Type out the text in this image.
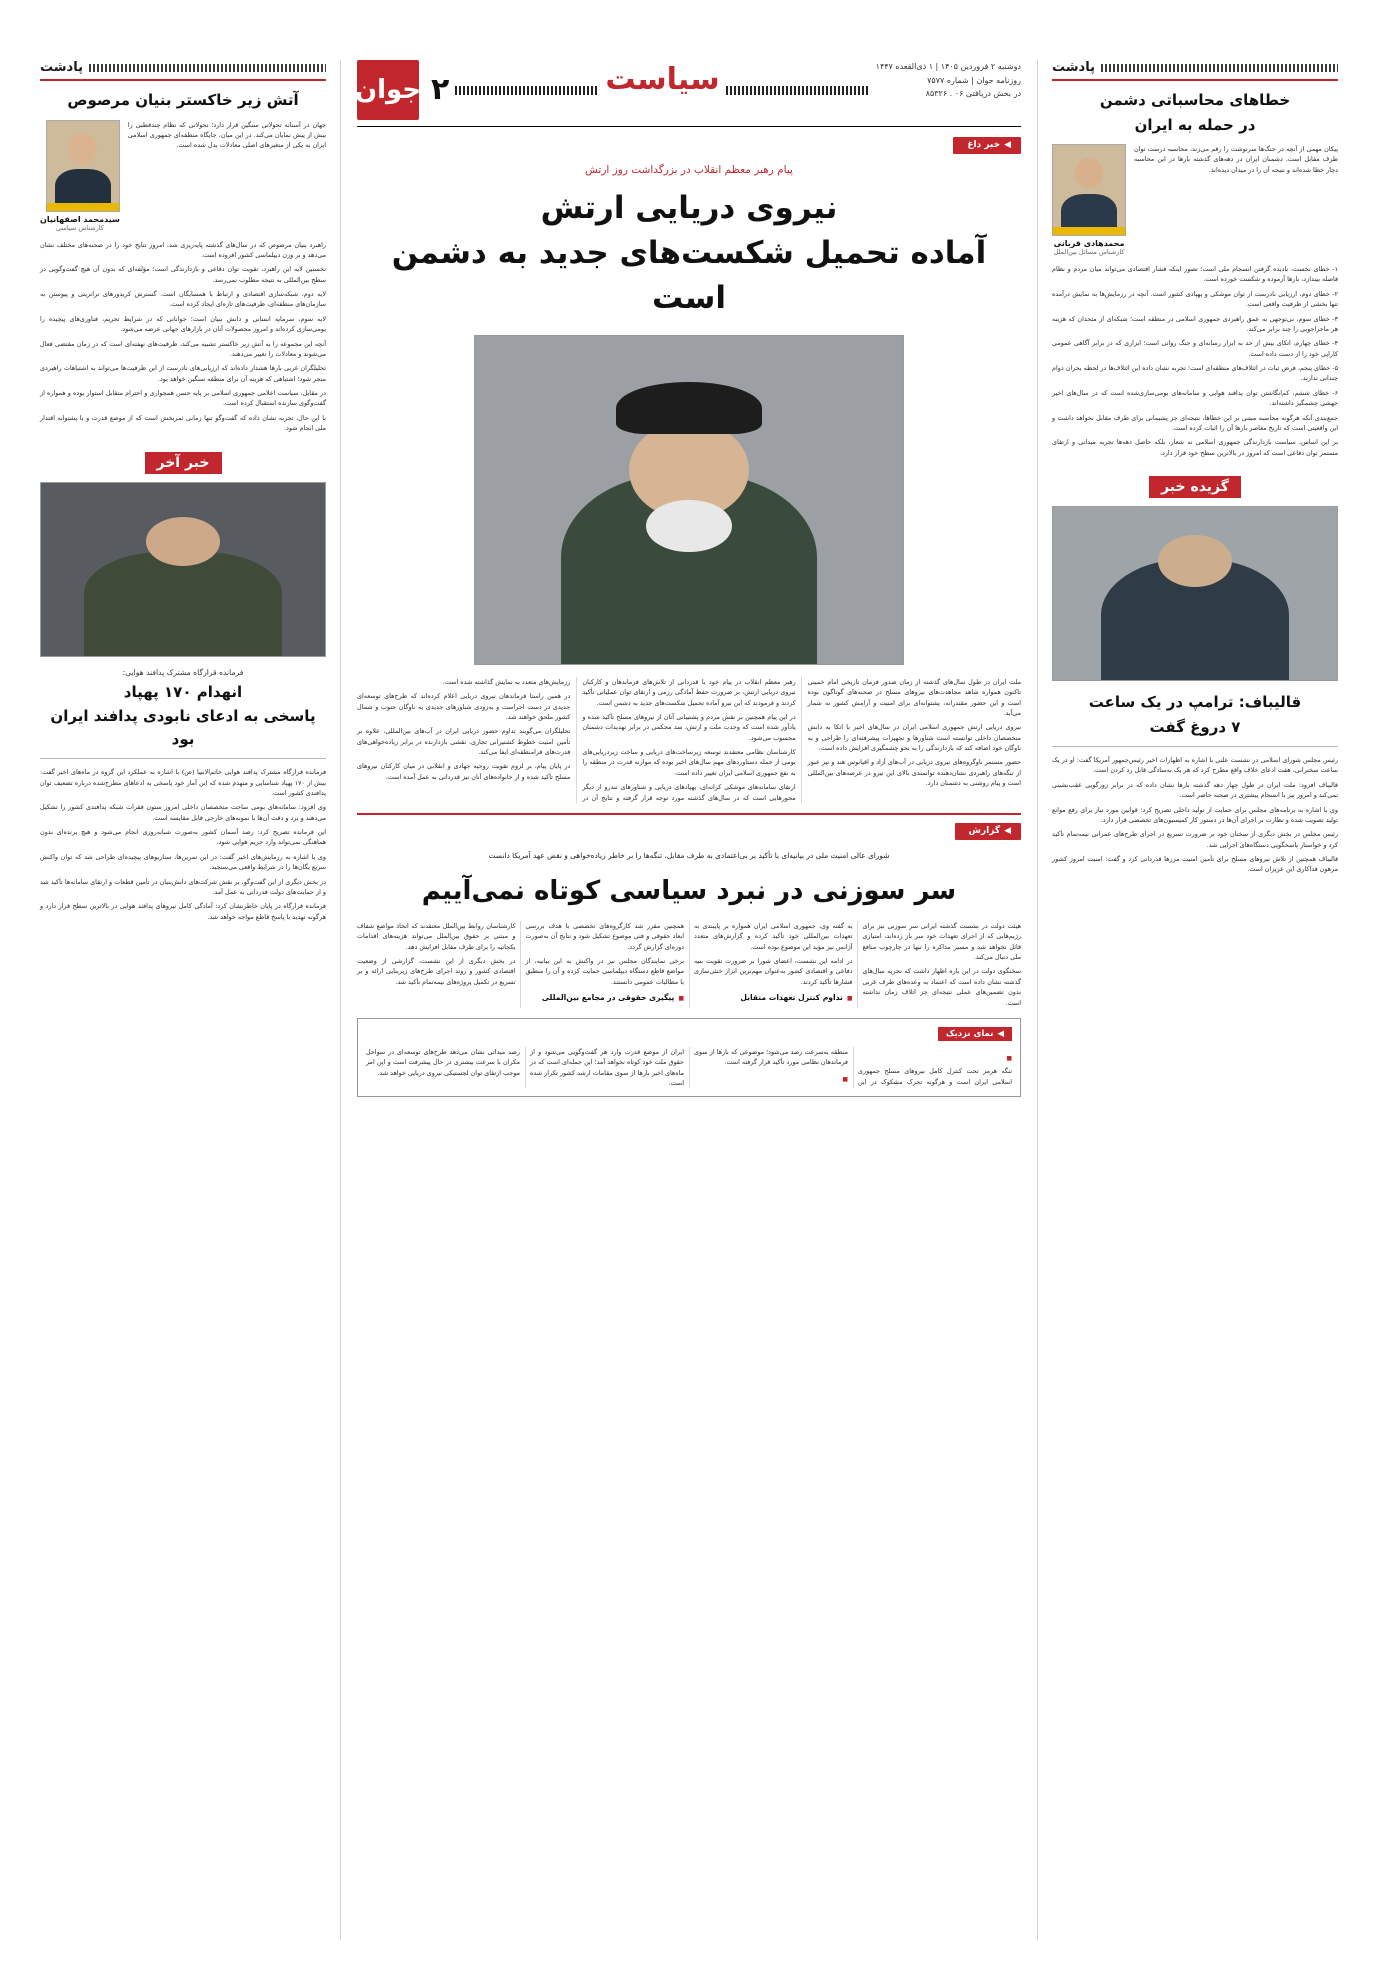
پادشت
خطاهای محاسباتی دشمن
در حمله به ایران
پیکان مهمی از آنچه در جنگ‌ها سرنوشت را رقم می‌زند، محاسبه درست توان طرف مقابل است. دشمنان ایران در دهه‌های گذشته بارها در این محاسبه دچار خطا شده‌اند و نتیجه آن را در میدان دیده‌اند.
محمدهادی قربانی
کارشناس مسائل بین‌الملل

۱- خطای نخست، نادیده گرفتن انسجام ملی است؛ تصور اینکه فشار اقتصادی می‌تواند میان مردم و نظام فاصله بیندازد، بارها آزموده و شکست خورده است.

۲- خطای دوم، ارزیابی نادرست از توان موشکی و پهپادی کشور است. آنچه در رزمایش‌ها به نمایش درآمده تنها بخشی از ظرفیت واقعی است.

۳- خطای سوم، بی‌توجهی به عمق راهبردی جمهوری اسلامی در منطقه است؛ شبکه‌ای از متحدان که هزینه هر ماجراجویی را چند برابر می‌کند.

۴- خطای چهارم، اتکای بیش از حد به ابزار رسانه‌ای و جنگ روانی است؛ ابزاری که در برابر آگاهی عمومی کارایی خود را از دست داده است.

۵- خطای پنجم، فرض ثبات در ائتلاف‌های منطقه‌ای است؛ تجربه نشان داده این ائتلاف‌ها در لحظه بحران دوام چندانی ندارند.

۶- خطای ششم، کم‌انگاشتن توان پدافند هوایی و سامانه‌های بومی‌سازی‌شده است که در سال‌های اخیر جهشی چشمگیر داشته‌اند.

جمع‌بندی آنکه هرگونه محاسبه مبتنی بر این خطاها، نتیجه‌ای جز پشیمانی برای طرف مقابل نخواهد داشت و این واقعیتی است که تاریخ معاصر بارها آن را اثبات کرده است.

بر این اساس، سیاست بازدارندگی جمهوری اسلامی نه شعار، بلکه حاصل دهه‌ها تجربه میدانی و ارتقای مستمر توان دفاعی است که امروز در بالاترین سطح خود قرار دارد.

گزیده خبر
قالیباف: ترامپ در یک ساعت
۷ دروغ گفت

رئیس مجلس شورای اسلامی در نشست علنی با اشاره به اظهارات اخیر رئیس‌جمهور آمریکا گفت: او در یک ساعت سخنرانی، هفت ادعای خلاف واقع مطرح کرد که هر یک به‌سادگی قابل رد کردن است.

قالیباف افزود: ملت ایران در طول چهار دهه گذشته بارها نشان داده که در برابر زورگویی عقب‌نشینی نمی‌کند و امروز نیز با انسجام بیشتری در صحنه حاضر است.

وی با اشاره به برنامه‌های مجلس برای حمایت از تولید داخلی تصریح کرد: قوانین مورد نیاز برای رفع موانع تولید تصویب شده و نظارت بر اجرای آن‌ها در دستور کار کمیسیون‌های تخصصی قرار دارد.

رئیس مجلس در بخش دیگری از سخنان خود بر ضرورت تسریع در اجرای طرح‌های عمرانی نیمه‌تمام تأکید کرد و خواستار پاسخگویی دستگاه‌های اجرایی شد.

قالیباف همچنین از تلاش نیروهای مسلح برای تأمین امنیت مرزها قدردانی کرد و گفت: امنیت امروز کشور مرهون فداکاری این عزیزان است.

دوشنبه ۲ فروردین ۱۴۰۵ | ۱ ذی‌القعده ۱۴۴۷
روزنامه جوان | شماره ۷۵۷۷
در بخش دریافتی ۰۶ . ۸۵۳۲۶
سیاست
۲
جوان
◀
خبر داغ
پیام رهبر معظم انقلاب در بزرگداشت روز ارتش
نیروی دریایی ارتش
آماده تحمیل شکست‌های جدید به دشمن است

ملت ایران در طول سال‌های گذشته از زمان صدور فرمان تاریخی امام خمینی تاکنون همواره شاهد مجاهدت‌های نیروهای مسلح در صحنه‌های گوناگون بوده است و این حضور مقتدرانه، پشتوانه‌ای برای امنیت و آرامش کشور به شمار می‌آید.

نیروی دریایی ارتش جمهوری اسلامی ایران در سال‌های اخیر با اتکا به دانش متخصصان داخلی توانسته است شناورها و تجهیزات پیشرفته‌ای را طراحی و به ناوگان خود اضافه کند که بازدارندگی را به نحو چشمگیری افزایش داده است.

حضور مستمر ناوگروه‌های نیروی دریایی در آب‌های آزاد و اقیانوس هند و نیز عبور از تنگه‌های راهبردی نشان‌دهنده توانمندی بالای این نیرو در عرصه‌های بین‌المللی است و پیام روشنی به دشمنان دارد.

رهبر معظم انقلاب در پیام خود با قدردانی از تلاش‌های فرماندهان و کارکنان نیروی دریایی ارتش، بر ضرورت حفظ آمادگی رزمی و ارتقای توان عملیاتی تأکید کردند و فرمودند که این نیرو آماده تحمیل شکست‌های جدید به دشمن است.

در این پیام همچنین بر نقش مردم و پشتیبانی آنان از نیروهای مسلح تأکید شده و یادآور شده است که وحدت ملت و ارتش، سد محکمی در برابر تهدیدات دشمنان محسوب می‌شود.

کارشناسان نظامی معتقدند توسعه زیرساخت‌های دریایی و ساخت زیردریایی‌های بومی از جمله دستاوردهای مهم سال‌های اخیر بوده که موازنه قدرت در منطقه را به نفع جمهوری اسلامی ایران تغییر داده است.

ارتقای سامانه‌های موشکی کرانه‌ای، پهپادهای دریایی و شناورهای تندرو از دیگر محورهایی است که در سال‌های گذشته مورد توجه قرار گرفته و نتایج آن در رزمایش‌های متعدد به نمایش گذاشته شده است.

در همین راستا فرماندهان نیروی دریایی اعلام کرده‌اند که طرح‌های توسعه‌ای جدیدی در دست اجراست و به‌زودی شناورهای جدیدی به ناوگان جنوب و شمال کشور ملحق خواهند شد.

تحلیلگران می‌گویند تداوم حضور دریایی ایران در آب‌های بین‌المللی، علاوه بر تأمین امنیت خطوط کشتیرانی تجاری، نقشی بازدارنده در برابر زیاده‌خواهی‌های قدرت‌های فرامنطقه‌ای ایفا می‌کند.

در پایان پیام، بر لزوم تقویت روحیه جهادی و انقلابی در میان کارکنان نیروهای مسلح تأکید شده و از خانواده‌های آنان نیز قدردانی به عمل آمده است.

◀
گزارش
شورای عالی امنیت ملی در بیانیه‌ای با تأکید بر بی‌اعتمادی به طرف مقابل، تنگه‌ها را بر خاطر زیاده‌خواهی و نقض عهد آمریکا دانست
سر سوزنی در نبرد سیاسی کوتاه نمی‌آییم

هیئت دولت در نشست گذشته ایرانی سر سوزنی نیز برای رژیم‌هایی که از اجرای تعهدات خود سر باز زده‌اند، امتیازی قائل نخواهد شد و مسیر مذاکره را تنها در چارچوب منافع ملی دنبال می‌کند.

سخنگوی دولت در این باره اظهار داشت که تجربه سال‌های گذشته نشان داده است که اعتماد به وعده‌های طرف غربی بدون تضمین‌های عملی نتیجه‌ای جز اتلاف زمان نداشته است.

به گفته وی، جمهوری اسلامی ایران همواره بر پایبندی به تعهدات بین‌المللی خود تأکید کرده و گزارش‌های متعدد آژانس نیز مؤید این موضوع بوده است.

در ادامه این نشست، اعضای شورا بر ضرورت تقویت بنیه دفاعی و اقتصادی کشور به‌عنوان مهم‌ترین ابزار خنثی‌سازی فشارها تأکید کردند.

■ تداوم کنترل تعهدات متقابل

همچنین مقرر شد کارگروه‌های تخصصی با هدف بررسی ابعاد حقوقی و فنی موضوع تشکیل شود و نتایج آن به‌صورت دوره‌ای گزارش گردد.

برخی نمایندگان مجلس نیز در واکنش به این بیانیه، از مواضع قاطع دستگاه دیپلماسی حمایت کرده و آن را منطبق با مطالبات عمومی دانستند.

■ پیگیری حقوقی در مجامع بین‌المللی

کارشناسان روابط بین‌الملل معتقدند که اتخاذ مواضع شفاف و مبتنی بر حقوق بین‌الملل می‌تواند هزینه‌های اقدامات یکجانبه را برای طرف مقابل افزایش دهد.

در بخش دیگری از این نشست، گزارشی از وضعیت اقتصادی کشور و روند اجرای طرح‌های زیربنایی ارائه و بر تسریع در تکمیل پروژه‌های نیمه‌تمام تأکید شد.

◀
نمای نزدیک
■

تنگه هرمز تحت کنترل کامل نیروهای مسلح جمهوری اسلامی ایران است و هرگونه تحرک مشکوک در این منطقه به‌سرعت رصد می‌شود؛ موضوعی که بارها از سوی فرماندهان نظامی مورد تأکید قرار گرفته است.

■

ایران از موضع قدرت وارد هر گفت‌وگویی می‌شود و از حقوق ملت خود کوتاه نخواهد آمد؛ این جمله‌ای است که در ماه‌های اخیر بارها از سوی مقامات ارشد کشور تکرار شده است.

رصد میدانی نشان می‌دهد طرح‌های توسعه‌ای در سواحل مکران با سرعت بیشتری در حال پیشرفت است و این امر موجب ارتقای توان لجستیکی نیروی دریایی خواهد شد.

پادشت
آتش زیر خاکستر بنیان مرصوص
جهان در آستانه تحولاتی سنگین قرار دارد؛ تحولاتی که نظام چندقطبی را بیش از پیش نمایان می‌کند. در این میان، جایگاه منطقه‌ای جمهوری اسلامی ایران به یکی از متغیرهای اصلی معادلات بدل شده است.
سیدمحمد اصفهانیان
کارشناس سیاسی

راهبرد بنیان مرصوص که در سال‌های گذشته پایه‌ریزی شد، امروز نتایج خود را در صحنه‌های مختلف نشان می‌دهد و بر وزن دیپلماسی کشور افزوده است.

نخستین لایه این راهبرد، تقویت توان دفاعی و بازدارندگی است؛ مؤلفه‌ای که بدون آن هیچ گفت‌وگویی در سطح بین‌المللی به نتیجه مطلوب نمی‌رسد.

لایه دوم، شبکه‌سازی اقتصادی و ارتباط با همسایگان است. گسترش کریدورهای ترانزیتی و پیوستن به سازمان‌های منطقه‌ای، ظرفیت‌های تازه‌ای ایجاد کرده است.

لایه سوم، سرمایه انسانی و دانش بنیان است؛ جوانانی که در شرایط تحریم، فناوری‌های پیچیده را بومی‌سازی کرده‌اند و امروز محصولات آنان در بازارهای جهانی عرضه می‌شود.

آنچه این مجموعه را به آتش زیر خاکستر تشبیه می‌کند، ظرفیت‌های نهفته‌ای است که در زمان مقتضی فعال می‌شوند و معادلات را تغییر می‌دهند.

تحلیلگران غربی بارها هشدار داده‌اند که ارزیابی‌های نادرست از این ظرفیت‌ها می‌تواند به اشتباهات راهبردی منجر شود؛ اشتباهی که هزینه آن برای منطقه سنگین خواهد بود.

در مقابل، سیاست اعلامی جمهوری اسلامی بر پایه حسن همجواری و احترام متقابل استوار بوده و همواره از گفت‌وگوی سازنده استقبال کرده است.

با این حال، تجربه نشان داده که گفت‌وگو تنها زمانی ثمربخش است که از موضع قدرت و با پشتوانه اقتدار ملی انجام شود.

خبر آخر
فرمانده قرارگاه مشترک پدافند هوایی:
انهدام ۱۷۰ پهپاد
پاسخی به ادعای نابودی پدافند ایران بود

فرمانده قرارگاه مشترک پدافند هوایی خاتم‌الانبیا (ص) با اشاره به عملکرد این گروه در ماه‌های اخیر گفت: بیش از ۱۷۰ پهپاد شناسایی و منهدم شده که این آمار خود پاسخی به ادعاهای مطرح‌شده درباره تضعیف توان پدافندی کشور است.

وی افزود: سامانه‌های بومی ساخت متخصصان داخلی امروز ستون فقرات شبکه پدافندی کشور را تشکیل می‌دهند و برد و دقت آن‌ها با نمونه‌های خارجی قابل مقایسه است.

این فرمانده تصریح کرد: رصد آسمان کشور به‌صورت شبانه‌روزی انجام می‌شود و هیچ پرنده‌ای بدون هماهنگی نمی‌تواند وارد حریم هوایی شود.

وی با اشاره به رزمایش‌های اخیر گفت: در این تمرین‌ها، سناریوهای پیچیده‌ای طراحی شد که توان واکنش سریع یگان‌ها را در شرایط واقعی می‌سنجید.

در بخش دیگری از این گفت‌وگو، بر نقش شرکت‌های دانش‌بنیان در تأمین قطعات و ارتقای سامانه‌ها تأکید شد و از حمایت‌های دولت قدردانی به عمل آمد.

فرمانده قرارگاه در پایان خاطرنشان کرد: آمادگی کامل نیروهای پدافند هوایی در بالاترین سطح قرار دارد و هرگونه تهدید با پاسخ قاطع مواجه خواهد شد.
